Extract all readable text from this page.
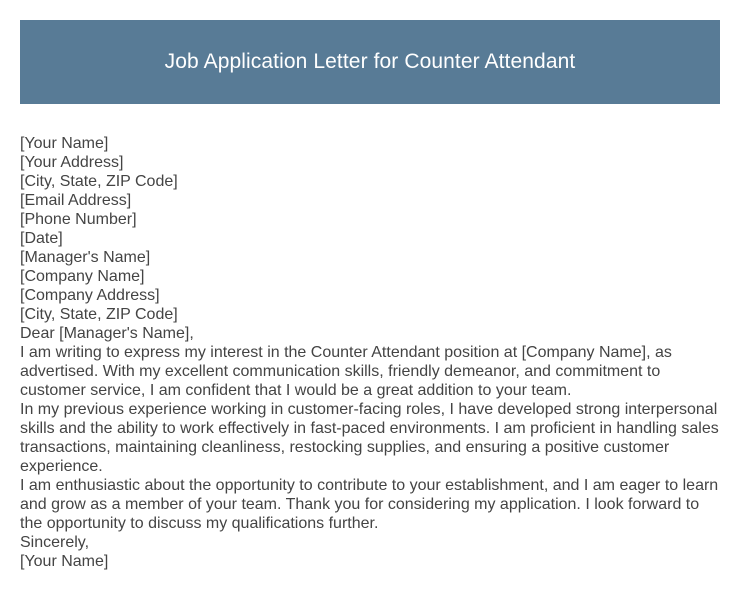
Job Application Letter for Counter Attendant

[Your Name]

[Your Address]

[City, State, ZIP Code]

[Email Address]

[Phone Number]

[Date]

[Manager's Name]

[Company Name]

[Company Address]

[City, State, ZIP Code]

Dear [Manager's Name],

I am writing to express my interest in the Counter Attendant position at [Company Name], as advertised. With my excellent communication skills, friendly demeanor, and commitment to customer service, I am confident that I would be a great addition to your team.

In my previous experience working in customer-facing roles, I have developed strong interpersonal skills and the ability to work effectively in fast-paced environments. I am proficient in handling sales transactions, maintaining cleanliness, restocking supplies, and ensuring a positive customer experience.

I am enthusiastic about the opportunity to contribute to your establishment, and I am eager to learn and grow as a member of your team. Thank you for considering my application. I look forward to the opportunity to discuss my qualifications further.

Sincerely,

[Your Name]
